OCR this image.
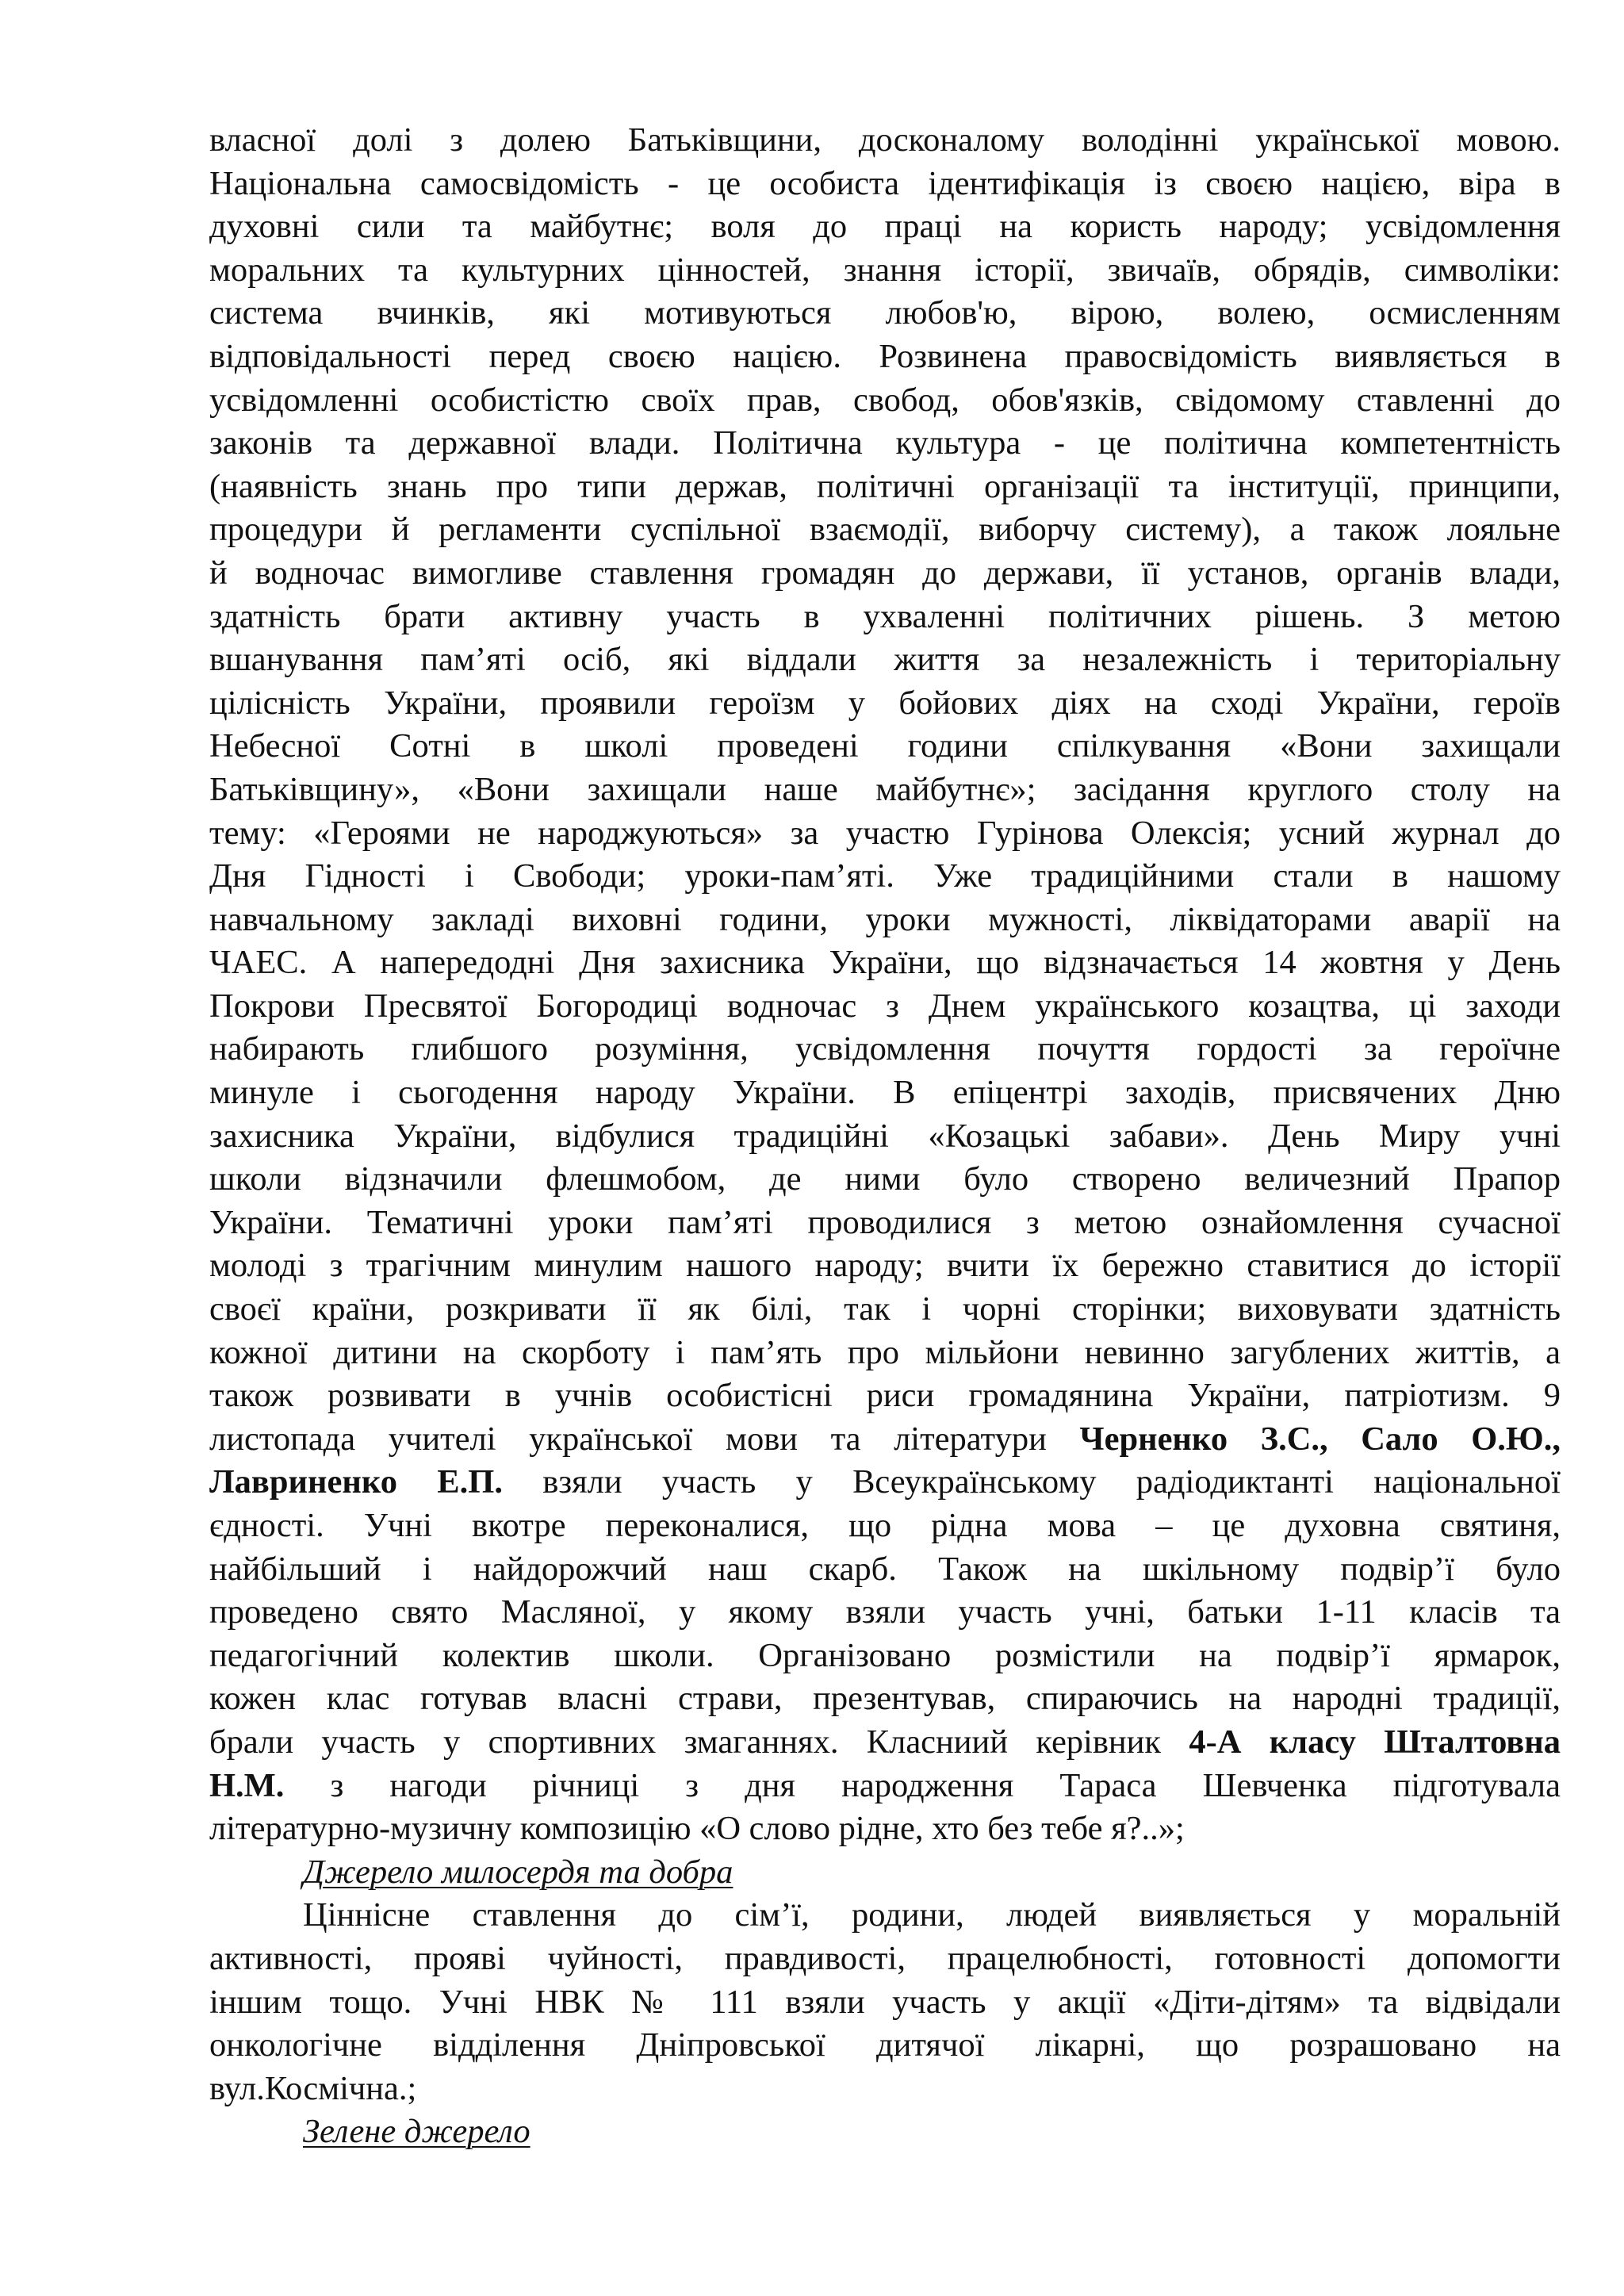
власної долі з долею Батьківщини, досконалому володінні української мовою.
Національна самосвідомість - це особиста ідентифікація із своєю нацією, віра в
духовні сили та майбутнє; воля до праці на користь народу; усвідомлення
моральних та культурних цінностей, знання історії, звичаїв, обрядів, символіки:
система вчинків, які мотивуються любов'ю, вірою, волею, осмисленням
відповідальності перед своєю нацією. Розвинена правосвідомість виявляється в
усвідомленні особистістю своїх прав, свобод, обов'язків, свідомому ставленні до
законів та державної влади. Політична культура - це політична компетентність
(наявність знань про типи держав, політичні організації та інституції, принципи,
процедури й регламенти суспільної взаємодії, виборчу систему), а також лояльне
й водночас вимогливе ставлення громадян до держави, її установ, органів влади,
здатність брати активну участь в ухваленні політичних рішень. З метою
вшанування пам’яті осіб, які віддали життя за незалежність і територіальну
цілісність України, проявили героїзм у бойових діях на сході України, героїв
Небесної Сотні в школі проведені години спілкування «Вони захищали
Батьківщину», «Вони захищали наше майбутнє»; засідання круглого столу на
тему: «Героями не народжуються» за участю Гурінова Олексія; усний журнал до
Дня Гідності і Свободи; уроки-пам’яті. Уже традиційними стали в нашому
навчальному закладі виховні години, уроки мужності, ліквідаторами аварії на
ЧАЕС. А напередодні Дня захисника України, що відзначається 14 жовтня у День
Покрови Пресвятої Богородиці водночас з Днем українського козацтва, ці заходи
набирають глибшого розуміння, усвідомлення почуття гордості за героїчне
минуле і сьогодення народу України. В епіцентрі заходів, присвячених Дню
захисника України, відбулися традиційні «Козацькі забави». День Миру учні
школи відзначили флешмобом, де ними було створено величезний Прапор
України. Тематичні уроки пам’яті проводилися з метою ознайомлення сучасної
молоді з трагічним минулим нашого народу; вчити їх бережно ставитися до історії
своєї країни, розкривати її як білі, так і чорні сторінки; виховувати здатність
кожної дитини на скорботу і пам’ять про мільйони невинно загублених життів, а
також розвивати в учнів особистісні риси громадянина України, патріотизм. 9
листопада учителі української мови та літератури Черненко З.С., Сало О.Ю.,
Лавриненко Е.П. взяли участь у Всеукраїнському радіодиктанті національної
єдності. Учні вкотре переконалися, що рідна мова – це духовна святиня,
найбільший і найдорожчий наш скарб. Також на шкільному подвір’ї було
проведено свято Масляної, у якому взяли участь учні, батьки 1-11 класів та
педагогічний колектив школи. Організовано розмістили на подвір’ї ярмарок,
кожен клас готував власні страви, презентував, спираючись на народні традиції,
брали участь у спортивних змаганнях. Класниий керівник 4-А класу Шталтовна
Н.М. з нагоди річниці з дня народження Тараса Шевченка підготувала
літературно-музичну композицію «О слово рідне, хто без тебе я?..»;
Джерело милосердя та добра
Ціннісне ставлення до сім’ї, родини, людей виявляється у моральній
активності, прояві чуйності, правдивості, працелюбності, готовності допомогти
іншим тощо. Учні НВК № 111 взяли участь у акції «Діти-дітям» та відвідали
онкологічне відділення Дніпровської дитячої лікарні, що розрашовано на
вул.Космічна.;
Зелене джерело
